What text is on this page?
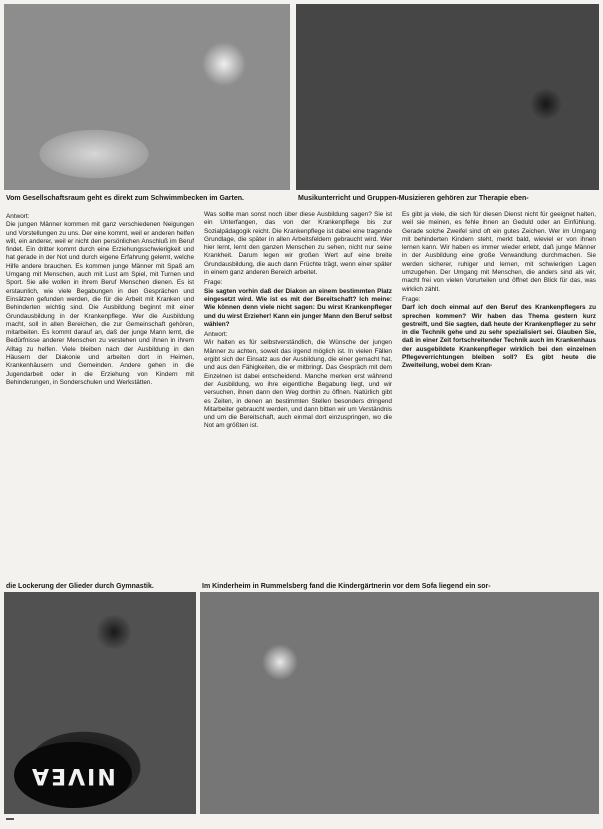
Vom Gesellschaftsraum geht es direkt zum Schwimmbecken im Garten.	Musikunterricht und Gruppen-Musizieren gehören zur Therapie eben-
Antwort:

Die jungen Männer kommen mit ganz verschiedenen Neigungen und Vorstellungen zu uns. Der eine kommt, weil er anderen helfen will, ein anderer, weil er nicht den persönlichen Anschluß im Beruf findet. Ein dritter kommt durch eine Erziehungsschwierigkeit und hat gerade in der Not und durch eigene Erfahrung gelernt, welche Hilfe andere brauchen. Es kommen junge Männer mit Spaß am Umgang mit Menschen, auch mit Lust am Spiel, mit Turnen und Sport. Sie alle wollen in ihrem Beruf Menschen dienen. Es ist erstaunlich, wie viele Begabungen in den Gesprächen und Einsätzen gefunden werden, die für die Arbeit mit Kranken und Behinderten wichtig sind. Die Ausbildung beginnt mit einer Grundausbildung in der Krankenpflege. Wer die Ausbildung macht, soll in allen Bereichen, die zur Gemeinschaft gehören, mitarbeiten. Es kommt darauf an, daß der junge Mann lernt, die Bedürfnisse anderer Menschen zu verstehen und ihnen in ihrem Alltag zu helfen. Viele bleiben nach der Ausbildung in den Häusern der Diakonie und arbeiten dort in Heimen, Krankenhäusern und Gemeinden. Andere gehen in die Jugendarbeit oder in die Erziehung von Kindern mit Behinderungen, in Sonderschulen und Werkstätten.

Was sollte man sonst noch über diese Ausbildung sagen? Sie ist ein Unterfangen, das von der Krankenpflege bis zur Sozialpädagogik reicht. Die Krankenpflege ist dabei eine tragende Grundlage, die später in allen Arbeitsfeldern gebraucht wird. Wer hier lernt, lernt den ganzen Menschen zu sehen, nicht nur seine Krankheit. Darum legen wir großen Wert auf eine breite Grundausbildung, die auch dann Früchte trägt, wenn einer später in einem ganz anderen Bereich arbeitet.

Frage:

Sie sagten vorhin daß der Diakon an einem bestimmten Platz eingesetzt wird. Wie ist es mit der Bereitschaft? Ich meine: Wie können denn viele nicht sagen: Du wirst Krankenpfleger und du wirst Erzieher! Kann ein junger Mann den Beruf selbst wählen?

Antwort:

Wir halten es für selbstverständlich, die Wünsche der jungen Männer zu achten, soweit das irgend möglich ist. In vielen Fällen ergibt sich der Einsatz aus der Ausbildung, die einer gemacht hat, und aus den Fähigkeiten, die er mitbringt. Das Gespräch mit dem Einzelnen ist dabei entscheidend. Manche merken erst während der Ausbildung, wo ihre eigentliche Begabung liegt, und wir versuchen, ihnen dann den Weg dorthin zu öffnen. Natürlich gibt es Zeiten, in denen an bestimmten Stellen besonders dringend Mitarbeiter gebraucht werden, und dann bitten wir um Verständnis und um die Bereitschaft, auch einmal dort einzuspringen, wo die Not am größten ist.

Es gibt ja viele, die sich für diesen Dienst nicht für geeignet halten, weil sie meinen, es fehle ihnen an Geduld oder an Einfühlung. Gerade solche Zweifel sind oft ein gutes Zeichen. Wer im Umgang mit behinderten Kindern steht, merkt bald, wieviel er von ihnen lernen kann. Wir haben es immer wieder erlebt, daß junge Männer in der Ausbildung eine große Verwandlung durchmachen. Sie werden sicherer, ruhiger und lernen, mit schwierigen Lagen umzugehen. Der Umgang mit Menschen, die anders sind als wir, macht frei von vielen Vorurteilen und öffnet den Blick für das, was wirklich zählt.

Frage:

Darf ich doch einmal auf den Beruf des Krankenpflegers zu sprechen kommen? Wir haben das Thema gestern kurz gestreift, und Sie sagten, daß heute der Krankenpfleger zu sehr in die Technik gehe und zu sehr spezialisiert sei. Glauben Sie, daß in einer Zeit fortschreitender Technik auch im Krankenhaus der ausgebildete Krankenpfleger wirklich bei den einzelnen Pflegeverrichtungen bleiben soll? Es gibt heute die Zweiteilung, wobei dem Kran-

die Lockerung der Glieder durch Gymnastik.	Im Kinderheim in Rummelsberg fand die Kindergärtnerin vor dem Sofa liegend ein sor-
NIVEA
